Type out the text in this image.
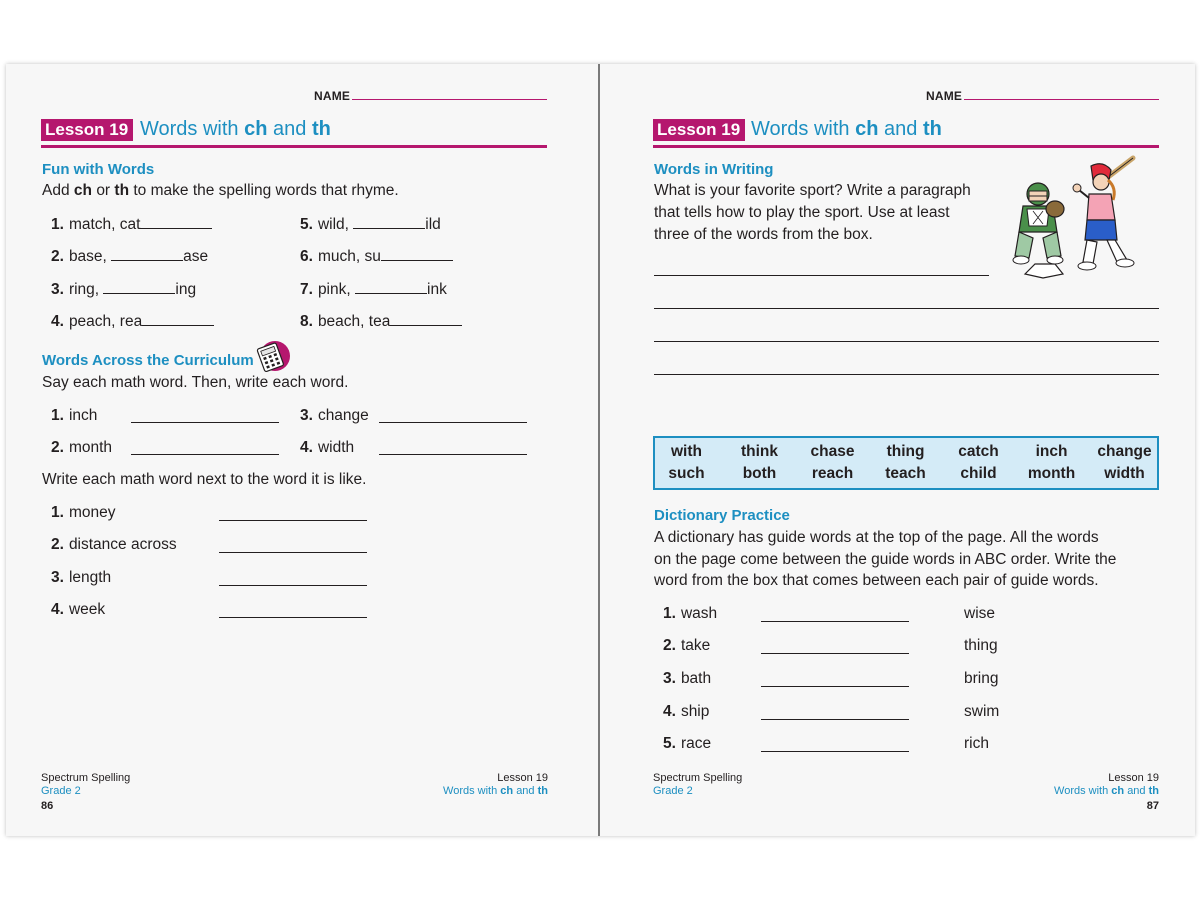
NAME
Lesson 19 Words with ch and th
Fun with Words
Add ch or th to make the spelling words that rhyme.
1. match, cat
2. base,	ase
3. ring,	ing
4. peach, rea
5. wild,	ild
6. much, su
7. pink,	ink
8. beach, tea
Words Across the Curriculum
Say each math word. Then, write each word.
1. inch
2. month
3. change
4. width
Write each math word next to the word it is like.
1. money
2. distance across
3. length
4. week
Spectrum Spelling
Grade 2
86
Lesson 19
Words with ch and th
NAME
Lesson 19 Words with ch and th
Words in Writing
What is your favorite sport? Write a paragraph
that tells how to play the sport. Use at least
three of the words from the box.
with	think	chase	thing	catch	inch	change
such	both	reach	teach	child	month	width
Dictionary Practice
A dictionary has guide words at the top of the page. All the words
on the page come between the guide words in ABC order. Write the
word from the box that comes between each pair of guide words.
1. wash	wise
2. take	thing
3. bath	bring
4. ship	swim
5. race	rich
Spectrum Spelling
Grade 2
Lesson 19
Words with ch and th
87
